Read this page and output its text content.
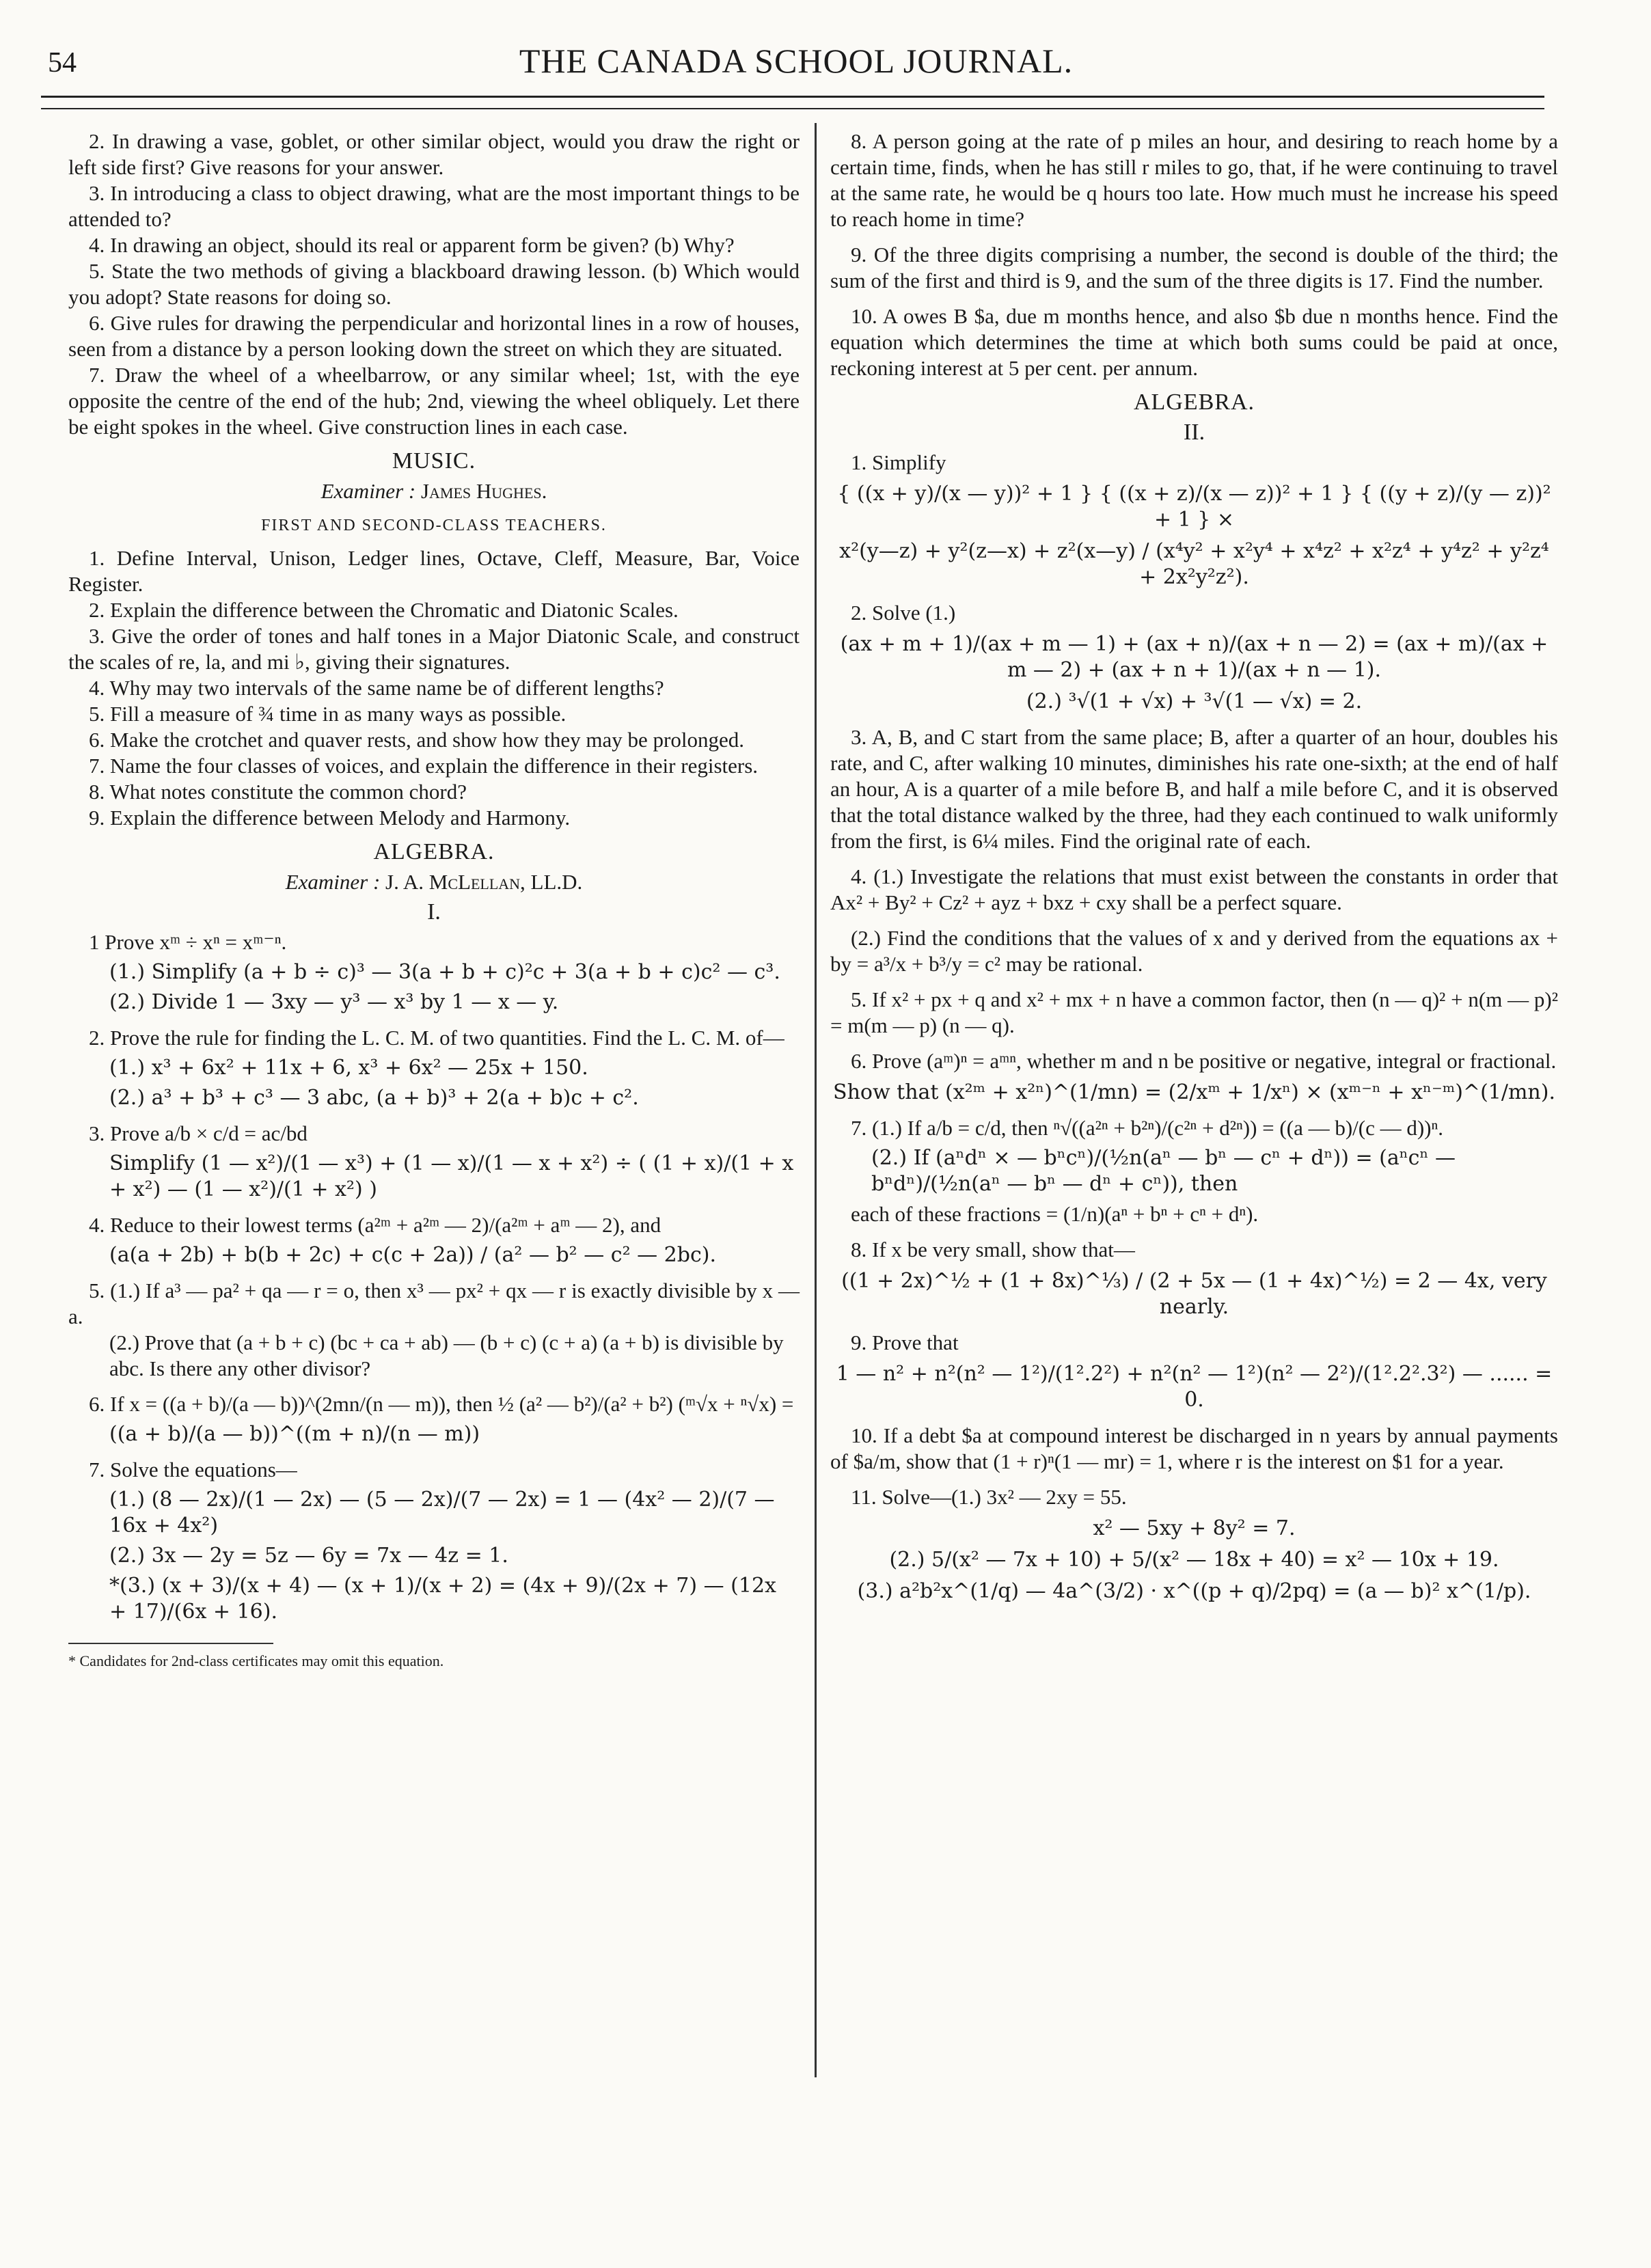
54	THE CANADA SCHOOL JOURNAL.

2. In drawing a vase, goblet, or other similar object, would you draw the right or left side first? Give reasons for your answer.

3. In introducing a class to object drawing, what are the most important things to be attended to?

4. In drawing an object, should its real or apparent form be given? (b) Why?

5. State the two methods of giving a blackboard drawing lesson. (b) Which would you adopt? State reasons for doing so.

6. Give rules for drawing the perpendicular and horizontal lines in a row of houses, seen from a distance by a person looking down the street on which they are situated.

7. Draw the wheel of a wheelbarrow, or any similar wheel; 1st, with the eye opposite the centre of the end of the hub; 2nd, viewing the wheel obliquely. Let there be eight spokes in the wheel. Give construction lines in each case.

MUSIC.
Examiner : James Hughes.
FIRST AND SECOND-CLASS TEACHERS.

1. Define Interval, Unison, Ledger lines, Octave, Cleff, Measure, Bar, Voice Register.

2. Explain the difference between the Chromatic and Diatonic Scales.

3. Give the order of tones and half tones in a Major Diatonic Scale, and construct the scales of re, la, and mi ♭, giving their signatures.

4. Why may two intervals of the same name be of different lengths?

5. Fill a measure of ¾ time in as many ways as possible.

6. Make the crotchet and quaver rests, and show how they may be prolonged.

7. Name the four classes of voices, and explain the difference in their registers.

8. What notes constitute the common chord?

9. Explain the difference between Melody and Harmony.

ALGEBRA.
Examiner : J. A. McLellan, LL.D.
I.

1 Prove xᵐ ÷ xⁿ = xᵐ⁻ⁿ.

(1.) Simplify (a + b ÷ c)³ — 3(a + b + c)²c + 3(a + b + c)c² — c³.

(2.) Divide 1 — 3xy — y³ — x³ by 1 — x — y.

2. Prove the rule for finding the L. C. M. of two quantities. Find the L. C. M. of—

(1.) x³ + 6x² + 11x + 6, x³ + 6x² — 25x + 150.

(2.) a³ + b³ + c³ — 3 abc, (a + b)³ + 2(a + b)c + c².

3. Prove a/b × c/d = ac/bd

Simplify (1 — x²)/(1 — x³) + (1 — x)/(1 — x + x²) ÷ ( (1 + x)/(1 + x + x²) — (1 — x²)/(1 + x²) )

4. Reduce to their lowest terms (a²ᵐ + a²ᵐ — 2)/(a²ᵐ + aᵐ — 2), and

(a(a + 2b) + b(b + 2c) + c(c + 2a)) / (a² — b² — c² — 2bc).

5. (1.) If a³ — pa² + qa — r = o, then x³ — px² + qx — r is exactly divisible by x — a.

(2.) Prove that (a + b + c) (bc + ca + ab) — (b + c) (c + a) (a + b) is divisible by abc. Is there any other divisor?

6. If x = ((a + b)/(a — b))^(2mn/(n — m)), then ½ (a² — b²)/(a² + b²) (ᵐ√x + ⁿ√x) =

((a + b)/(a — b))^((m + n)/(n — m))

7. Solve the equations—

(1.) (8 — 2x)/(1 — 2x) — (5 — 2x)/(7 — 2x) = 1 — (4x² — 2)/(7 — 16x + 4x²)

(2.) 3x — 2y = 5z — 6y = 7x — 4z = 1.

*(3.) (x + 3)/(x + 4) — (x + 1)/(x + 2) = (4x + 9)/(2x + 7) — (12x + 17)/(6x + 16).

* Candidates for 2nd-class certificates may omit this equation.

8. A person going at the rate of p miles an hour, and desiring to reach home by a certain time, finds, when he has still r miles to go, that, if he were continuing to travel at the same rate, he would be q hours too late. How much must he increase his speed to reach home in time?

9. Of the three digits comprising a number, the second is double of the third; the sum of the first and third is 9, and the sum of the three digits is 17. Find the number.

10. A owes B $a, due m months hence, and also $b due n months hence. Find the equation which determines the time at which both sums could be paid at once, reckoning interest at 5 per cent. per annum.

ALGEBRA.
II.

1. Simplify

{ ((x + y)/(x — y))² + 1 } { ((x + z)/(x — z))² + 1 } { ((y + z)/(y — z))² + 1 } ×

x²(y—z) + y²(z—x) + z²(x—y) / (x⁴y² + x²y⁴ + x⁴z² + x²z⁴ + y⁴z² + y²z⁴ + 2x²y²z²).

2. Solve (1.)

(ax + m + 1)/(ax + m — 1) + (ax + n)/(ax + n — 2) = (ax + m)/(ax + m — 2) + (ax + n + 1)/(ax + n — 1).

(2.) ³√(1 + √x) + ³√(1 — √x) = 2.

3. A, B, and C start from the same place; B, after a quarter of an hour, doubles his rate, and C, after walking 10 minutes, diminishes his rate one-sixth; at the end of half an hour, A is a quarter of a mile before B, and half a mile before C, and it is observed that the total distance walked by the three, had they each continued to walk uniformly from the first, is 6¼ miles. Find the original rate of each.

4. (1.) Investigate the relations that must exist between the constants in order that Ax² + By² + Cz² + ayz + bxz + cxy shall be a perfect square.

(2.) Find the conditions that the values of x and y derived from the equations ax + by = a³/x + b³/y = c² may be rational.

5. If x² + px + q and x² + mx + n have a common factor, then (n — q)² + n(m — p)² = m(m — p) (n — q).

6. Prove (aᵐ)ⁿ = aᵐⁿ, whether m and n be positive or negative, integral or fractional.

Show that (x²ᵐ + x²ⁿ)^(1/mn) = (2/xᵐ + 1/xⁿ) × (xᵐ⁻ⁿ + xⁿ⁻ᵐ)^(1/mn).

7. (1.) If a/b = c/d, then ⁿ√((a²ⁿ + b²ⁿ)/(c²ⁿ + d²ⁿ)) = ((a — b)/(c — d))ⁿ.

(2.) If (aⁿdⁿ × — bⁿcⁿ)/(½n(aⁿ — bⁿ — cⁿ + dⁿ)) = (aⁿcⁿ — bⁿdⁿ)/(½n(aⁿ — bⁿ — dⁿ + cⁿ)), then

each of these fractions = (1/n)(aⁿ + bⁿ + cⁿ + dⁿ).

8. If x be very small, show that—

((1 + 2x)^½ + (1 + 8x)^⅓) / (2 + 5x — (1 + 4x)^½) = 2 — 4x, very nearly.

9. Prove that

1 — n² + n²(n² — 1²)/(1².2²) + n²(n² — 1²)(n² — 2²)/(1².2².3²) — ...... = 0.

10. If a debt $a at compound interest be discharged in n years by annual payments of $a/m, show that (1 + r)ⁿ(1 — mr) = 1, where r is the interest on $1 for a year.

11. Solve—(1.) 3x² — 2xy = 55.

x² — 5xy + 8y² = 7.

(2.) 5/(x² — 7x + 10) + 5/(x² — 18x + 40) = x² — 10x + 19.

(3.) a²b²x^(1/q) — 4a^(3/2) · x^((p + q)/2pq) = (a — b)² x^(1/p).
